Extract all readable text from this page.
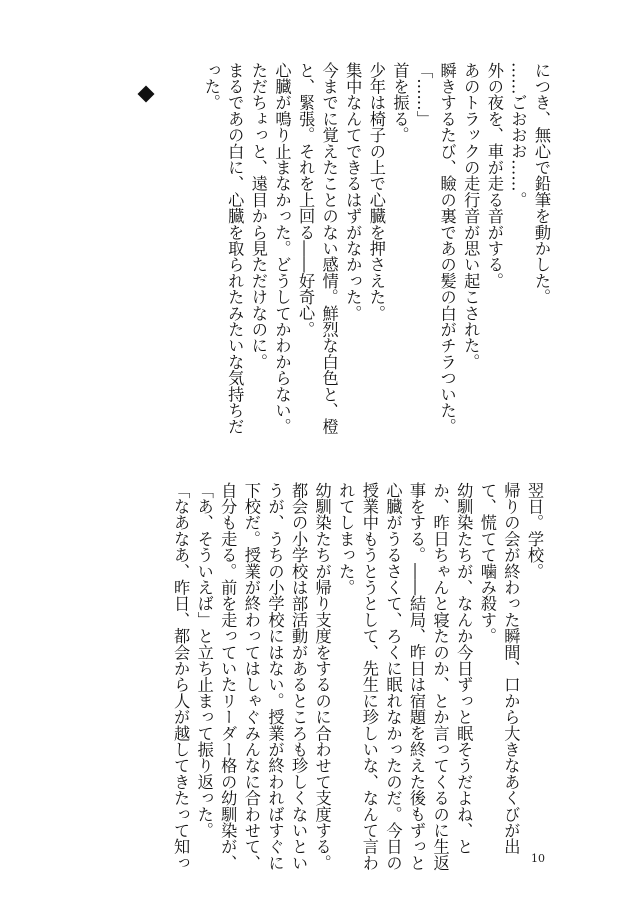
につき、無心で鉛筆を動かした。
……ごおおお……。
外の夜を、車が走る音がする。
あのトラックの走行音が思い起こされた。
瞬きするたび、瞼の裏であの髪の白がチラついた。
「……」
首を振る。
少年は椅子の上で心臓を押さえた。
集中なんてできるはずがなかった。
今までに覚えたことのない感情。鮮烈な白色と、橙
と、緊張。それを上回る――好奇心。
心臓が鳴り止まなかった。どうしてかわからない。
ただちょっと、遠目から見ただけなのに。
まるであの白に、心臓を取られたみたいな気持ちだ
った。
翌日。学校。
帰りの会が終わった瞬間、口から大きなあくびが出
て、慌てて噛み殺す。
幼馴染たちが、なんか今日ずっと眠そうだよね、と
か、昨日ちゃんと寝たのか、とか言ってくるのに生返
事をする。――結局、昨日は宿題を終えた後もずっと
心臓がうるさくて、ろくに眠れなかったのだ。今日の
授業中もうとうとして、先生に珍しいな、なんて言わ
れてしまった。
幼馴染たちが帰り支度をするのに合わせて支度する。
都会の小学校は部活動があるところも珍しくないとい
うが、うちの小学校にはない。授業が終わればすぐに
下校だ。授業が終わってはしゃぐみんなに合わせて、
自分も走る。前を走っていたリーダー格の幼馴染が、
「あ、そういえば」と立ち止まって振り返った。
「なあなあ、昨日、都会から人が越してきたって知っ	10
